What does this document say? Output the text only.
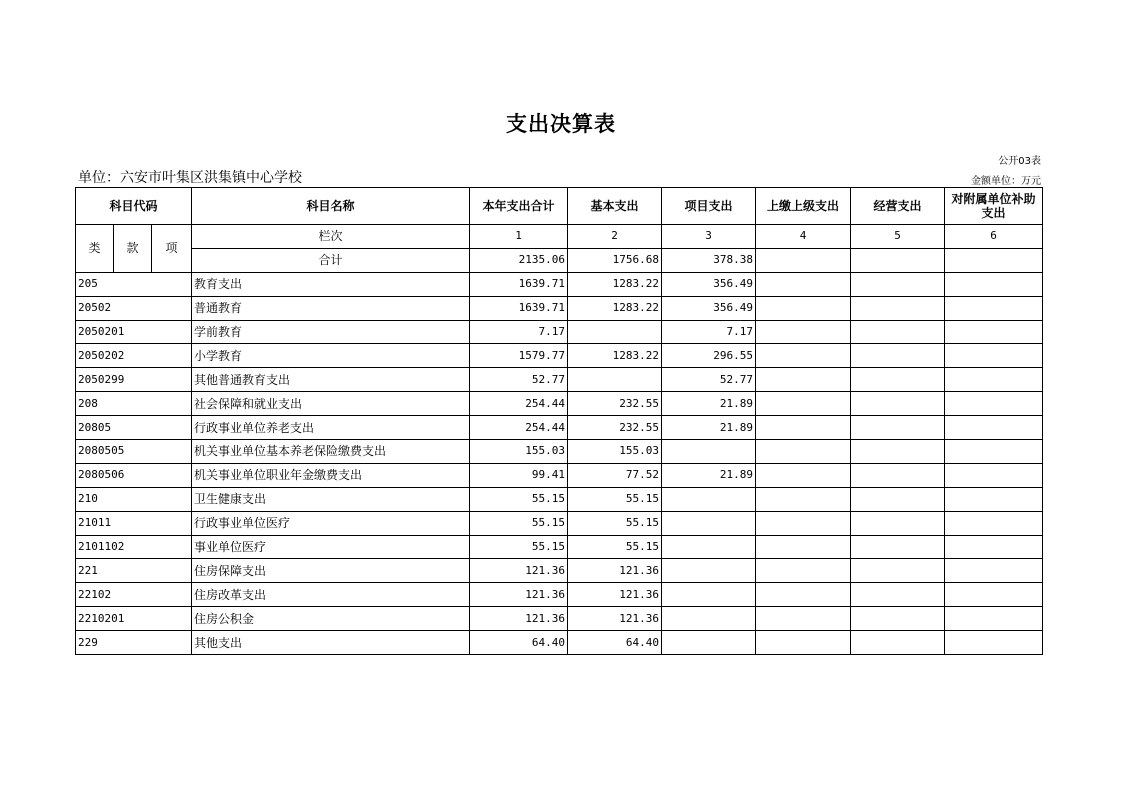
支出决算表
公开03表
单位：六安市叶集区洪集镇中心学校	金额单位：万元
科目代码			科目名称	本年支出合计	基本支出	项目支出	上缴上级支出	经营支出	对附属单位补助支出
类	款	项	栏次	1	2	3	4	5	6
			合计	2135.06	1756.68	378.38			
205			教育支出	1639.71	1283.22	356.49			
20502			普通教育	1639.71	1283.22	356.49			
2050201			学前教育	7.17		7.17			
2050202			小学教育	1579.77	1283.22	296.55			
2050299			其他普通教育支出	52.77		52.77			
208			社会保障和就业支出	254.44	232.55	21.89			
20805			行政事业单位养老支出	254.44	232.55	21.89			
2080505			机关事业单位基本养老保险缴费支出	155.03	155.03				
2080506			机关事业单位职业年金缴费支出	99.41	77.52	21.89			
210			卫生健康支出	55.15	55.15				
21011			行政事业单位医疗	55.15	55.15				
2101102			事业单位医疗	55.15	55.15				
221			住房保障支出	121.36	121.36				
22102			住房改革支出	121.36	121.36				
2210201			住房公积金	121.36	121.36				
229			其他支出	64.40	64.40				
